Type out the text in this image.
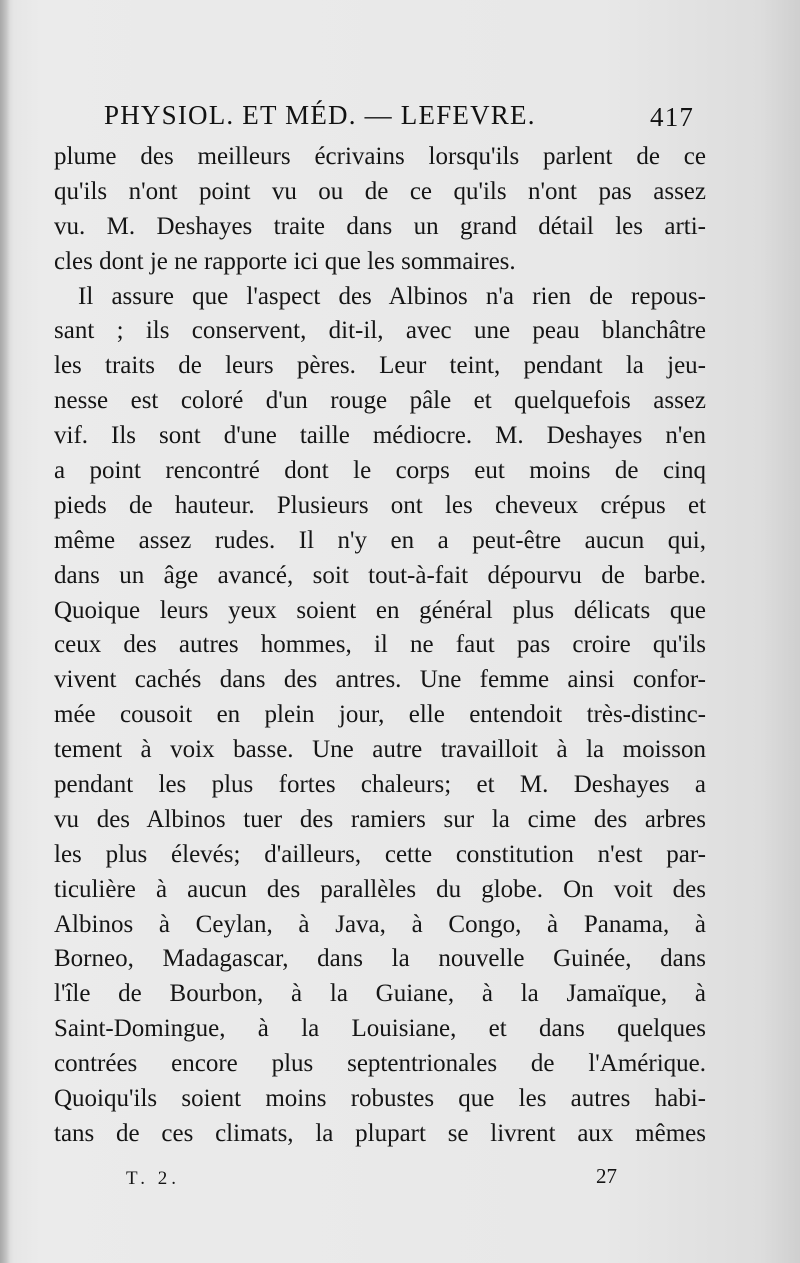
PHYSIOL. ET MÉD. — LEFEVRE.	417
plume des meilleurs écrivains lorsqu'ils parlent de ce
qu'ils n'ont point vu ou de ce qu'ils n'ont pas assez
vu. M. Deshayes traite dans un grand détail les arti-
cles dont je ne rapporte ici que les sommaires.
Il assure que l'aspect des Albinos n'a rien de repous-
sant ; ils conservent, dit-il, avec une peau blanchâtre
les traits de leurs pères. Leur teint, pendant la jeu-
nesse est coloré d'un rouge pâle et quelquefois assez
vif. Ils sont d'une taille médiocre. M. Deshayes n'en
a point rencontré dont le corps eut moins de cinq
pieds de hauteur. Plusieurs ont les cheveux crépus et
même assez rudes. Il n'y en a peut-être aucun qui,
dans un âge avancé, soit tout-à-fait dépourvu de barbe.
Quoique leurs yeux soient en général plus délicats que
ceux des autres hommes, il ne faut pas croire qu'ils
vivent cachés dans des antres. Une femme ainsi confor-
mée cousoit en plein jour, elle entendoit très-distinc-
tement à voix basse. Une autre travailloit à la moisson
pendant les plus fortes chaleurs; et M. Deshayes a
vu des Albinos tuer des ramiers sur la cime des arbres
les plus élevés; d'ailleurs, cette constitution n'est par-
ticulière à aucun des parallèles du globe. On voit des
Albinos à Ceylan, à Java, à Congo, à Panama, à
Borneo, Madagascar, dans la nouvelle Guinée, dans
l'île de Bourbon, à la Guiane, à la Jamaïque, à
Saint-Domingue, à la Louisiane, et dans quelques
contrées encore plus septentrionales de l'Amérique.
Quoiqu'ils soient moins robustes que les autres habi-
tans de ces climats, la plupart se livrent aux mêmes
T. 2.	27
